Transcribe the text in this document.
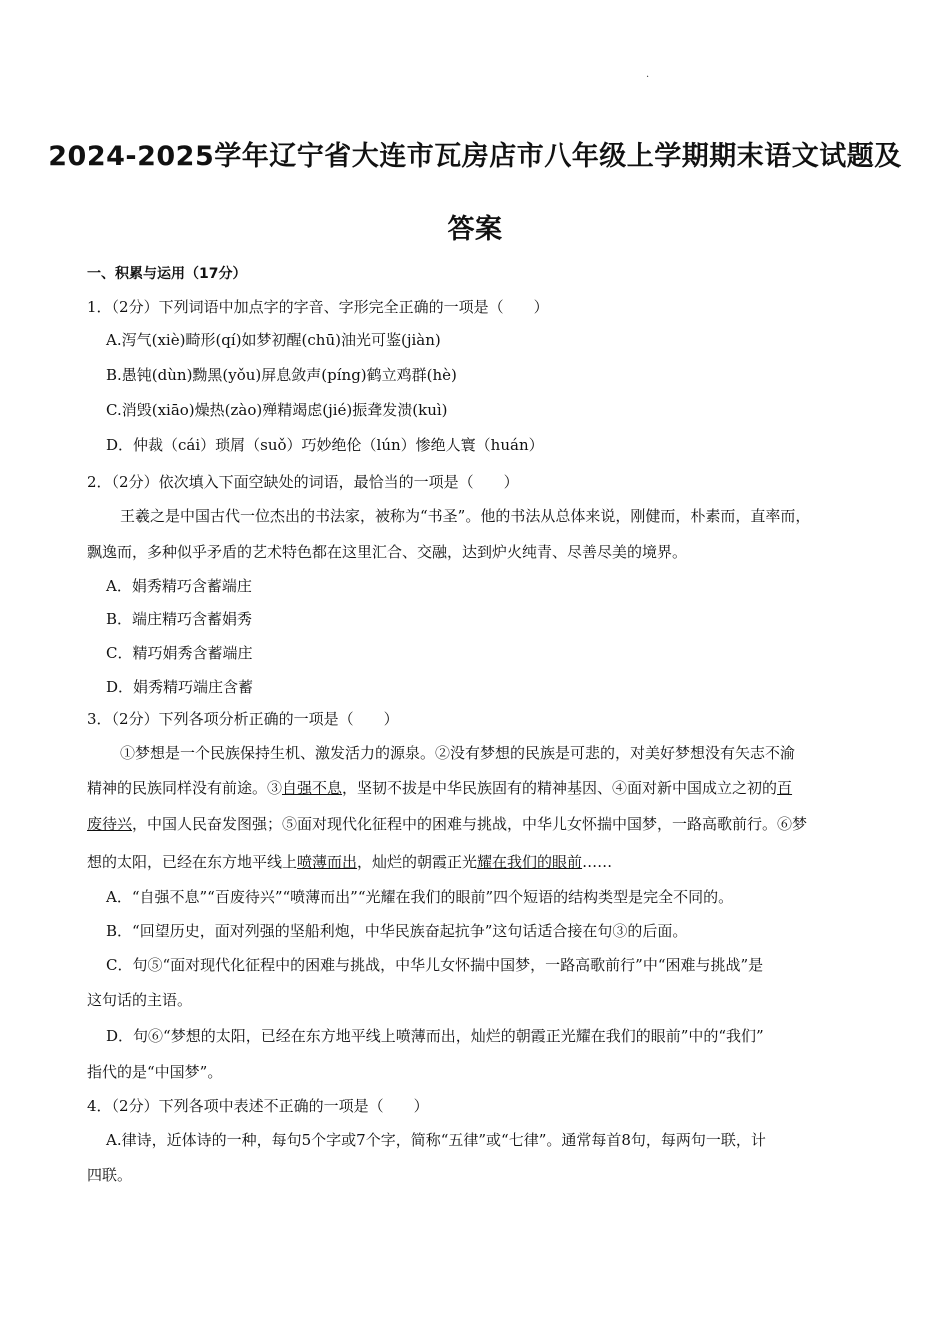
·
2024-2025学年辽宁省大连市瓦房店市八年级上学期期末语文试题及
答案
一、积累与运用（17分）
1．（2分）下列词语中加点字的字音、字形完全正确的一项是（　　）
A.泻气(xiè)畸形(qí)如梦初醒(chū)油光可鉴(jiàn)
B.愚钝(dùn)黝黑(yǒu)屏息敛声(píng)鹤立鸡群(hè)
C.消毁(xiāo)燥热(zào)殚精竭虑(jié)振聋发溃(kuì)
D．仲裁（cái）琐屑（suǒ）巧妙绝伦（lún）惨绝人寰（huán）
2．（2分）依次填入下面空缺处的词语，最恰当的一项是（　　）
王羲之是中国古代一位杰出的书法家，被称为“书圣”。他的书法从总体来说，刚健而，朴素而，直率而，
飘逸而，多种似乎矛盾的艺术特色都在这里汇合、交融，达到炉火纯青、尽善尽美的境界。
A．娟秀精巧含蓄端庄
B．端庄精巧含蓄娟秀
C．精巧娟秀含蓄端庄
D．娟秀精巧端庄含蓄
3．（2分）下列各项分析正确的一项是（　　）
①梦想是一个民族保持生机、激发活力的源泉。②没有梦想的民族是可悲的，对美好梦想没有矢志不渝
精神的民族同样没有前途。③自强不息，坚韧不拔是中华民族固有的精神基因、④面对新中国成立之初的百
废待兴，中国人民奋发图强；⑤面对现代化征程中的困难与挑战，中华儿女怀揣中国梦，一路高歌前行。⑥梦
想的太阳，已经在东方地平线上喷薄而出，灿烂的朝霞正光耀在我们的眼前……
A．“自强不息”“百废待兴”“喷薄而出”“光耀在我们的眼前”四个短语的结构类型是完全不同的。
B．“回望历史，面对列强的坚船利炮，中华民族奋起抗争”这句话适合接在句③的后面。
C．句⑤“面对现代化征程中的困难与挑战，中华儿女怀揣中国梦，一路高歌前行”中“困难与挑战”是
这句话的主语。
D．句⑥“梦想的太阳，已经在东方地平线上喷薄而出，灿烂的朝霞正光耀在我们的眼前”中的“我们”
指代的是“中国梦”。
4．（2分）下列各项中表述不正确的一项是（　　）
A.律诗，近体诗的一种，每句5个字或7个字，简称“五律”或“七律”。通常每首8句，每两句一联，计
四联。
